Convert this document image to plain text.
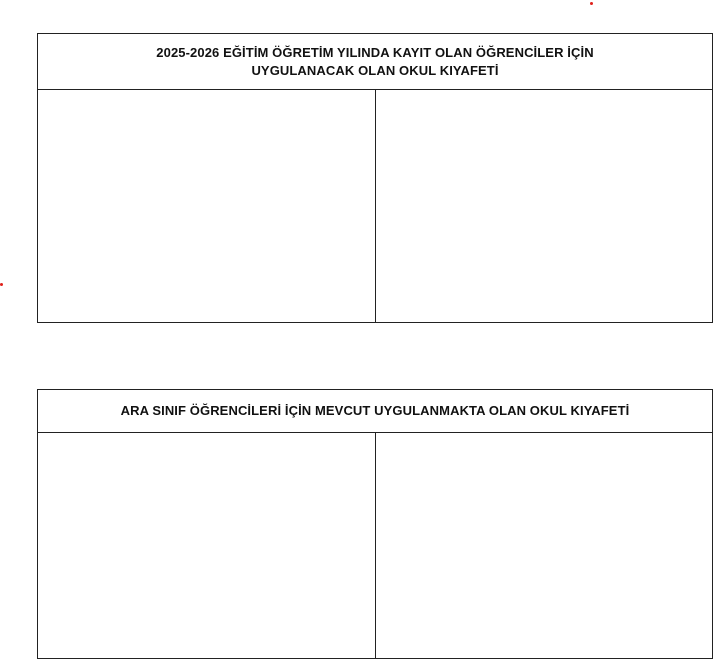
2025-2026 EĞİTİM ÖĞRETİM YILINDA KAYIT OLAN ÖĞRENCİLER İÇİN
UYGULANACAK OLAN OKUL KIYAFETİ
ARA SINIF ÖĞRENCİLERİ İÇİN MEVCUT UYGULANMAKTA OLAN OKUL KIYAFETİ
